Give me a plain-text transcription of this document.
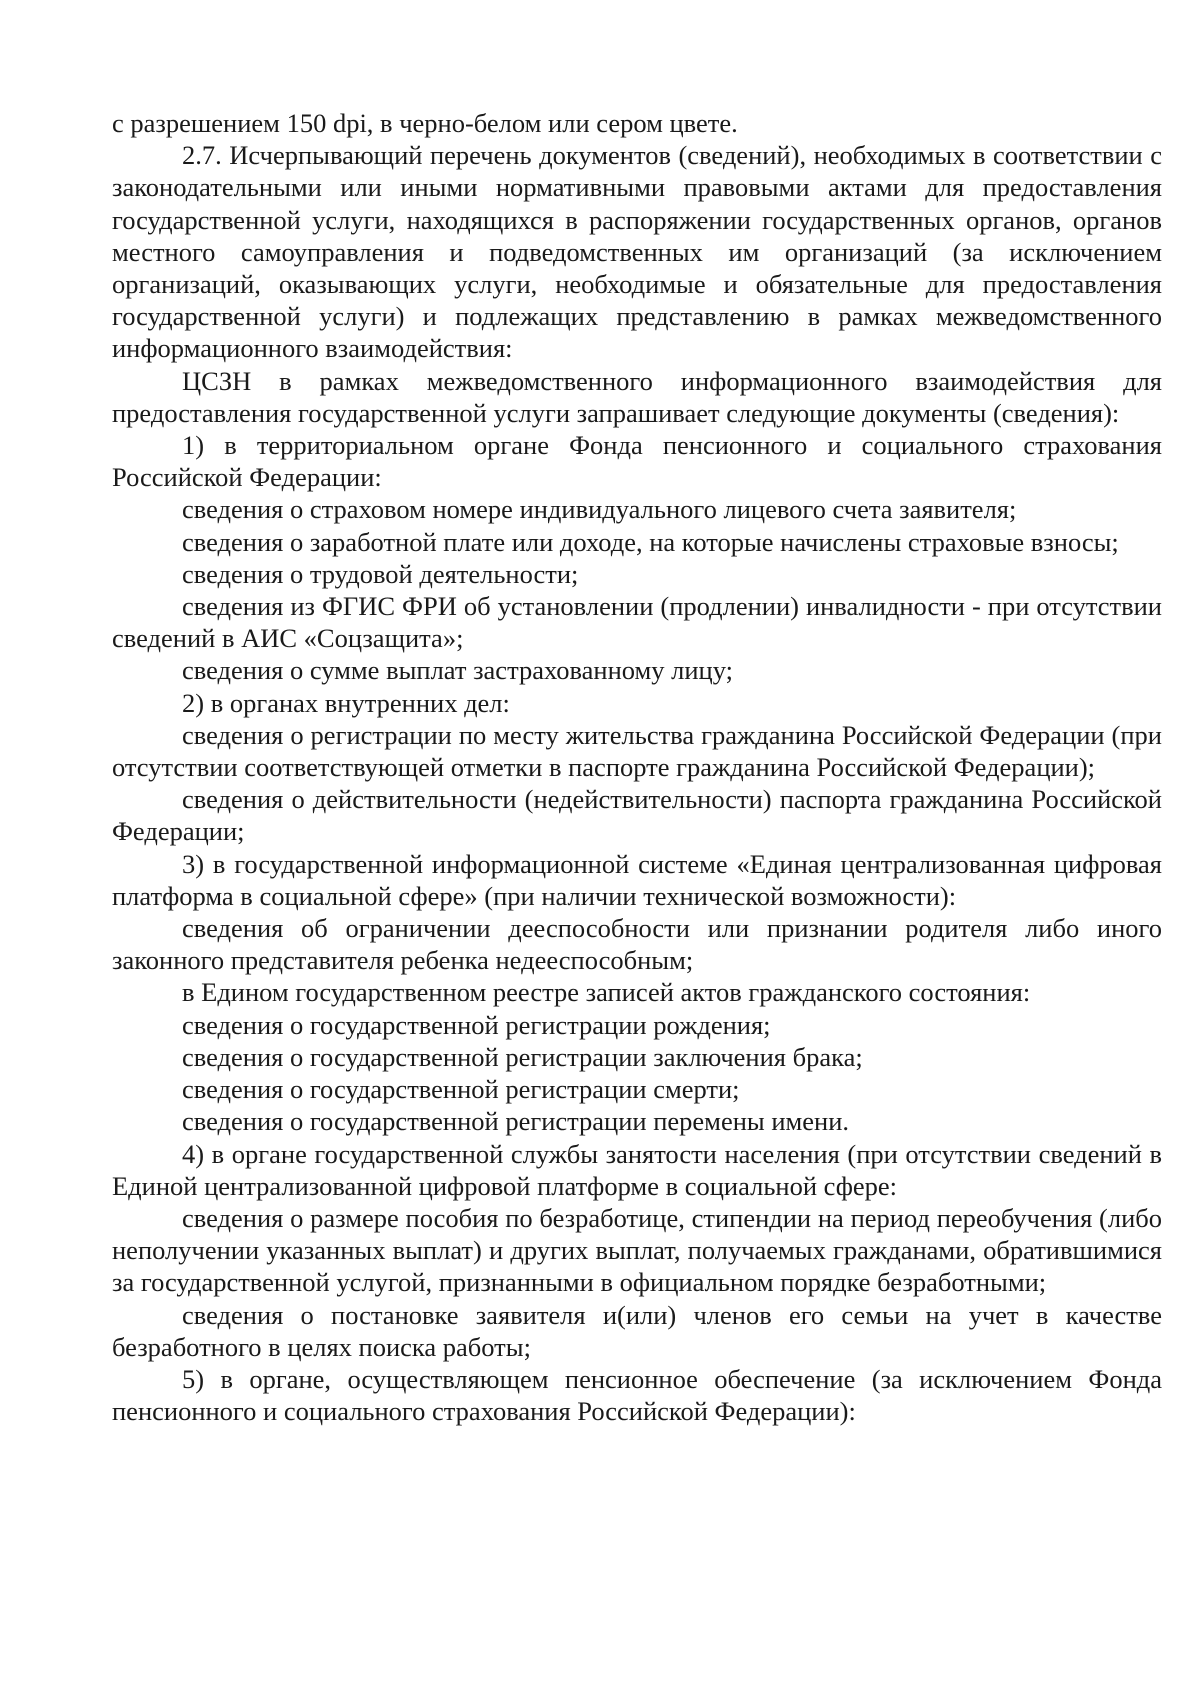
с разрешением 150 dpi, в черно-белом или сером цвете.

2.7. Исчерпывающий перечень документов (сведений), необходимых в соответствии с законодательными или иными нормативными правовыми актами для предоставления государственной услуги, находящихся в распоряжении государственных органов, органов местного самоуправления и подведомственных им организаций (за исключением организаций, оказывающих услуги, необходимые и обязательные для предоставления государственной услуги) и подлежащих представлению в рамках межведомственного информационного взаимодействия:

ЦСЗН в рамках межведомственного информационного взаимодействия для предоставления государственной услуги запрашивает следующие документы (сведения):

1) в территориальном органе Фонда пенсионного и социального страхования Российской Федерации:

сведения о страховом номере индивидуального лицевого счета заявителя;

сведения о заработной плате или доходе, на которые начислены страховые взносы;

сведения о трудовой деятельности;

сведения из ФГИС ФРИ об установлении (продлении) инвалидности - при отсутствии сведений в АИС «Соцзащита»;

сведения о сумме выплат застрахованному лицу;

2) в органах внутренних дел:

сведения о регистрации по месту жительства гражданина Российской Федерации (при отсутствии соответствующей отметки в паспорте гражданина Российской Федерации);

сведения о действительности (недействительности) паспорта гражданина Российской Федерации;

3) в государственной информационной системе «Единая централизованная цифровая платформа в социальной сфере» (при наличии технической возможности):

сведения об ограничении дееспособности или признании родителя либо иного законного представителя ребенка недееспособным;

в Едином государственном реестре записей актов гражданского состояния:

сведения о государственной регистрации рождения;

сведения о государственной регистрации заключения брака;

сведения о государственной регистрации смерти;

сведения о государственной регистрации перемены имени.

4) в органе государственной службы занятости населения (при отсутствии сведений в Единой централизованной цифровой платформе в социальной сфере:

сведения о размере пособия по безработице, стипендии на период переобучения (либо неполучении указанных выплат) и других выплат, получаемых гражданами, обратившимися за государственной услугой, признанными в официальном порядке безработными;

сведения о постановке заявителя и(или) членов его семьи на учет в качестве безработного в целях поиска работы;

5) в органе, осуществляющем пенсионное обеспечение (за исключением Фонда пенсионного и социального страхования Российской Федерации):
